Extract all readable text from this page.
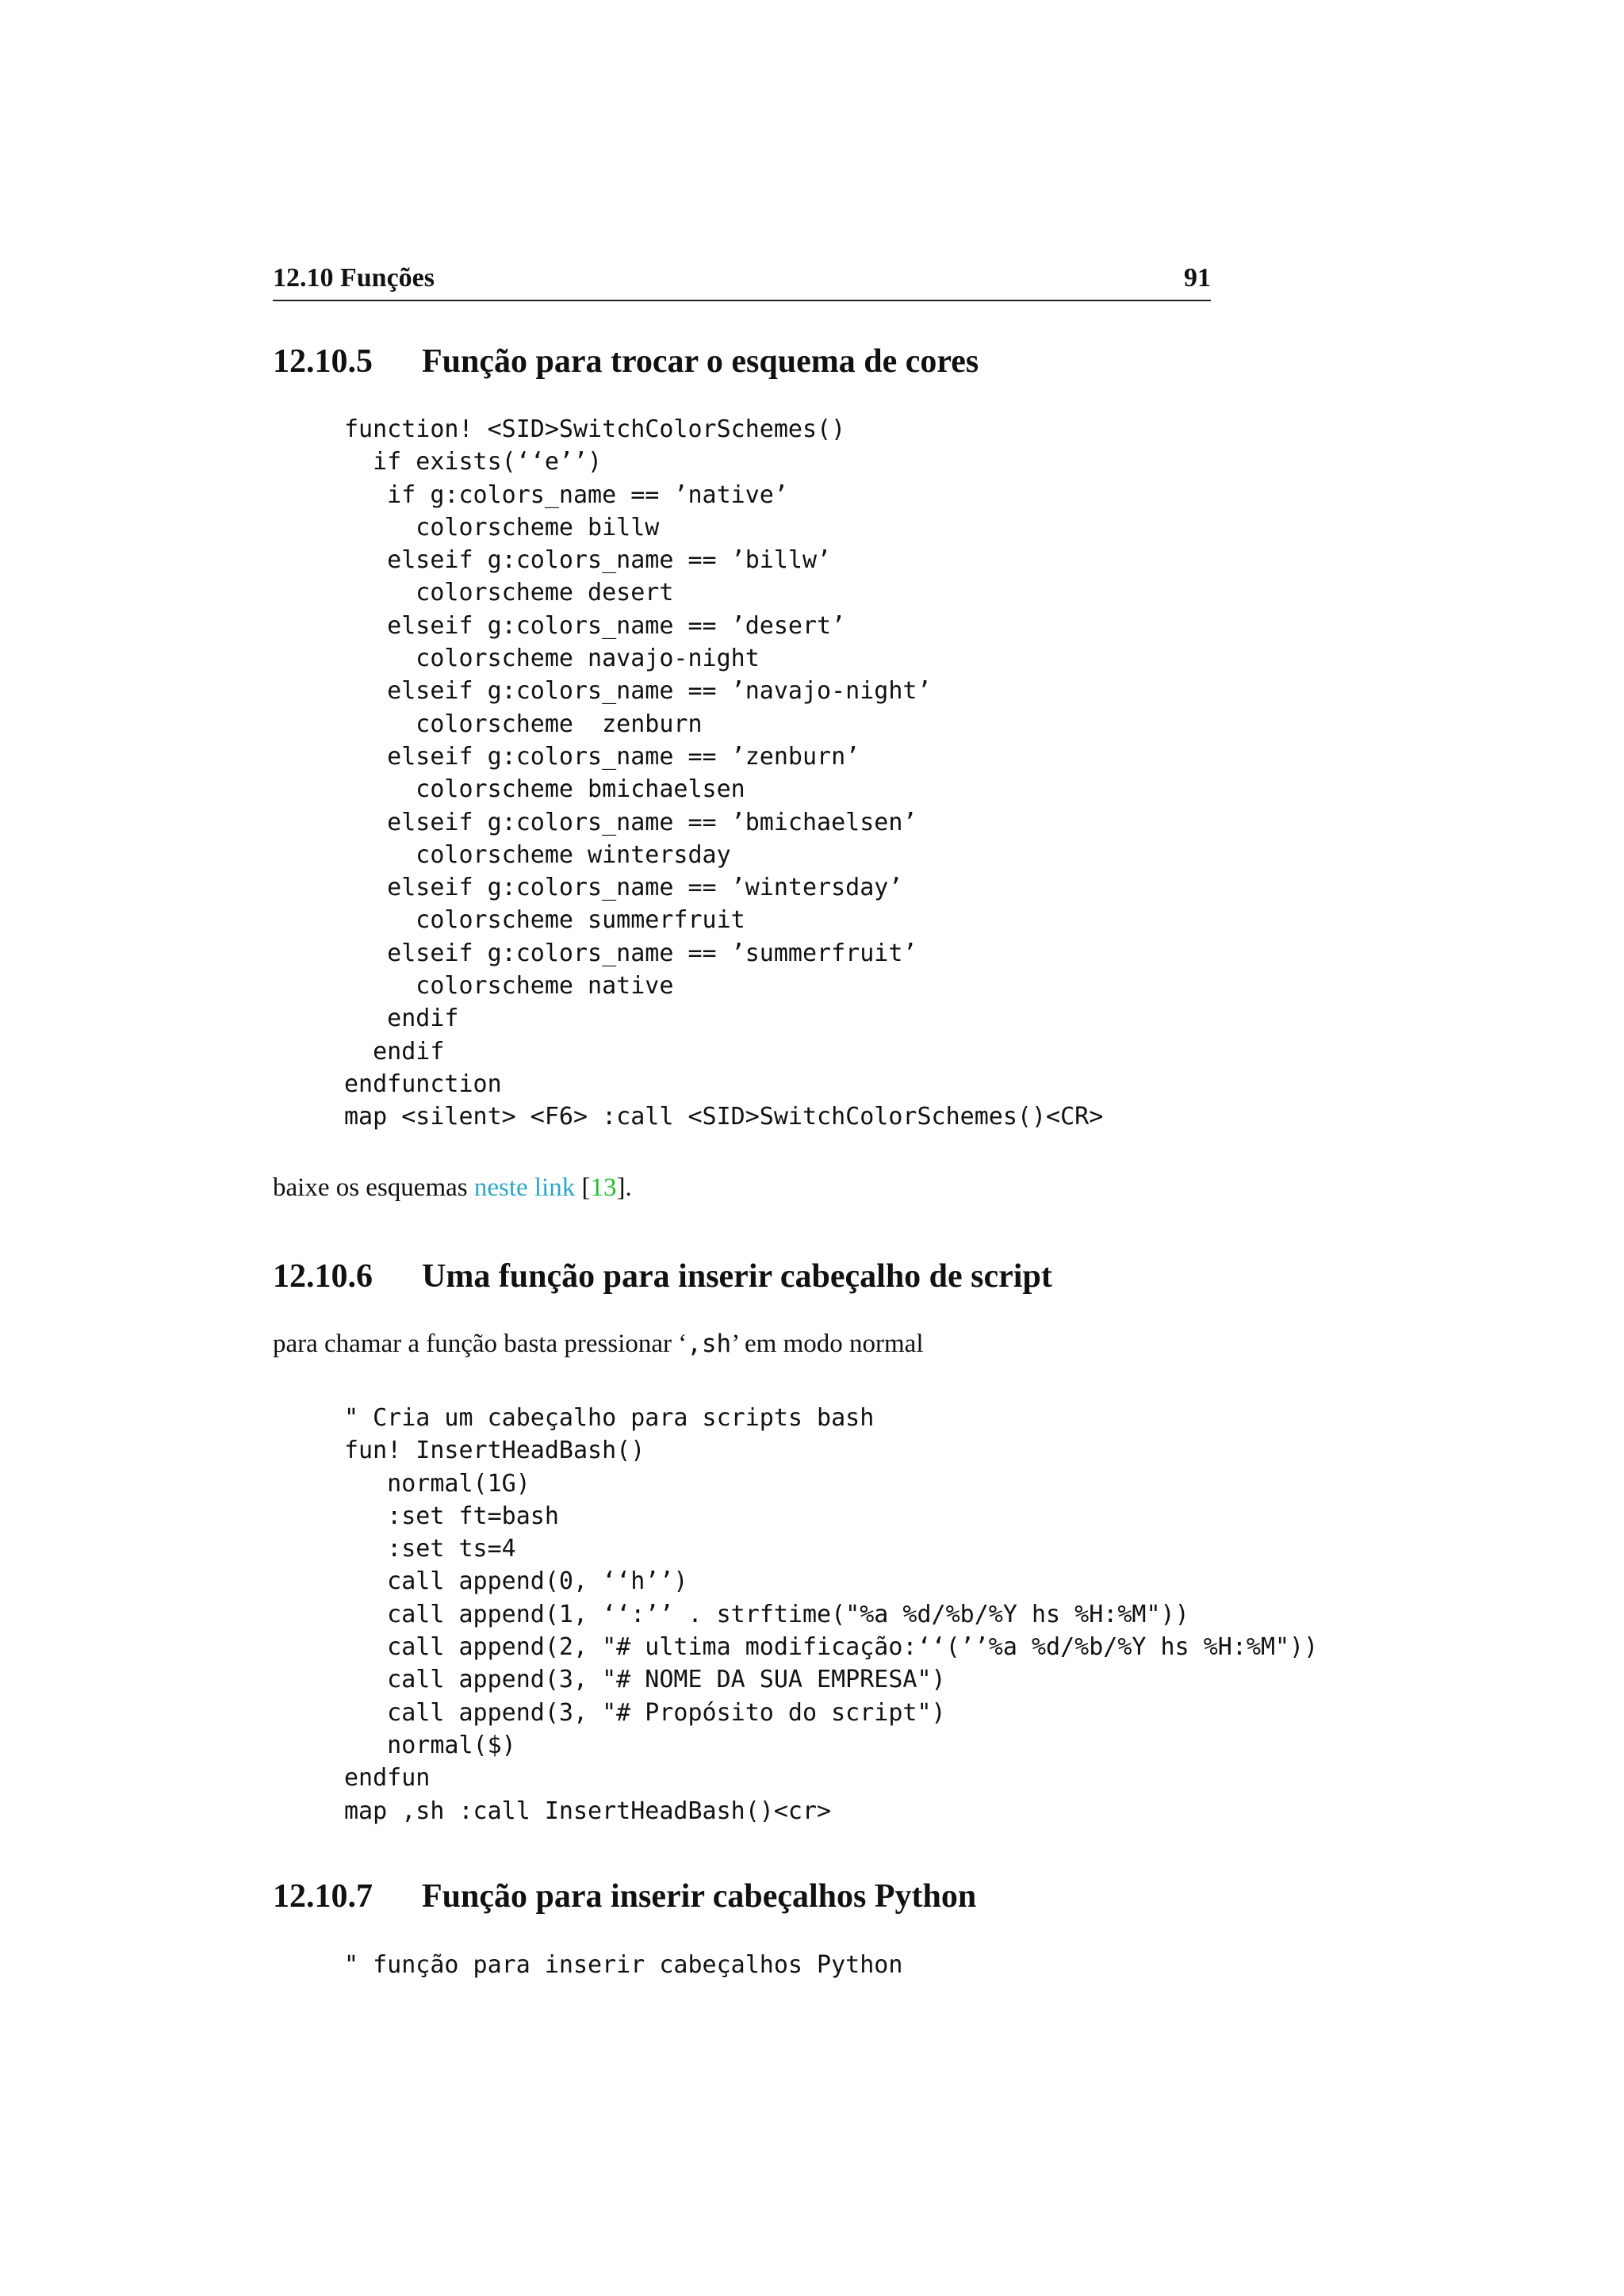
12.10 Funções	91
12.10.5 Função para trocar o esquema de cores
function! <SID>SwitchColorSchemes()
if exists(‘‘e’’)
if g:colors_name == ’native’
colorscheme billw
elseif g:colors_name == ’billw’
colorscheme desert
elseif g:colors_name == ’desert’
colorscheme navajo-night
elseif g:colors_name == ’navajo-night’
colorscheme  zenburn
elseif g:colors_name == ’zenburn’
colorscheme bmichaelsen
elseif g:colors_name == ’bmichaelsen’
colorscheme wintersday
elseif g:colors_name == ’wintersday’
colorscheme summerfruit
elseif g:colors_name == ’summerfruit’
colorscheme native
endif
endif
endfunction
map <silent> <F6> :call <SID>SwitchColorSchemes()<CR>
baixe os esquemas neste link [13].
12.10.6 Uma função para inserir cabeçalho de script
para chamar a função basta pressionar ‘,sh’ em modo normal
" Cria um cabeçalho para scripts bash
fun! InsertHeadBash()
normal(1G)
:set ft=bash
:set ts=4
call append(0, ‘‘h’’)
call append(1, ‘‘:’’ . strftime("%a %d/%b/%Y hs %H:%M"))
call append(2, "# ultima modificação:‘‘(’’%a %d/%b/%Y hs %H:%M"))
call append(3, "# NOME DA SUA EMPRESA")
call append(3, "# Propósito do script")
normal($)
endfun
map ,sh :call InsertHeadBash()<cr>
12.10.7 Função para inserir cabeçalhos Python
" função para inserir cabeçalhos Python
